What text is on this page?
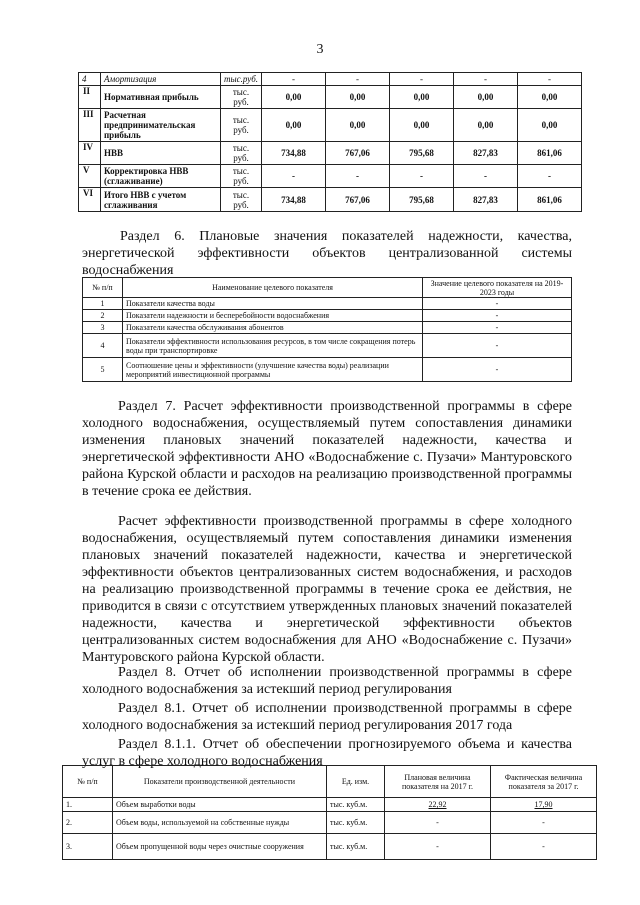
3
4	Амортизация	тыс.руб.	-	-	-	-	-
II	Нормативная прибыль	тыс. руб.	0,00	0,00	0,00	0,00	0,00
III	Расчетная предпринимательская прибыль	тыс. руб.	0,00	0,00	0,00	0,00	0,00
IV	НВВ	тыс. руб.	734,88	767,06	795,68	827,83	861,06
V	Корректировка НВВ (сглаживание)	тыс. руб.	-	-	-	-	-
VI	Итого НВВ с учетом сглаживания	тыс. руб.	734,88	767,06	795,68	827,83	861,06
Раздел 6. Плановые значения показателей надежности, качества, энергетической эффективности объектов централизованной системы водоснабжения
№ п/п	Наименование целевого показателя	Значение целевого показателя на 2019-2023 годы
1	Показатели качества воды	-
2	Показатели надежности и бесперебойности водоснабжения	-
3	Показатели качества обслуживания абонентов	-
4	Показатели эффективности использования ресурсов, в том числе сокращения потерь воды при транспортировке	-
5	Соотношение цены и эффективности (улучшение качества воды) реализации мероприятий инвестиционной программы	-
Раздел 7. Расчет эффективности производственной программы в сфере холодного водоснабжения, осуществляемый путем сопоставления динамики изменения плановых значений показателей надежности, качества и энергетической эффективности АНО «Водоснабжение с. Пузачи» Мантуровского района Курской области и расходов на реализацию производственной программы в течение срока ее действия.
Расчет эффективности производственной программы в сфере холодного водоснабжения, осуществляемый путем сопоставления динамики изменения плановых значений показателей надежности, качества и энергетической эффективности объектов централизованных систем водоснабжения, и расходов на реализацию производственной программы в течение срока ее действия, не приводится в связи с отсутствием утвержденных плановых значений показателей надежности, качества и энергетической эффективности объектов централизованных систем водоснабжения для АНО «Водоснабжение с. Пузачи» Мантуровского района Курской области.
Раздел 8. Отчет об исполнении производственной программы в сфере холодного водоснабжения за истекший период регулирования
Раздел 8.1. Отчет об исполнении производственной программы в сфере холодного водоснабжения за истекший период регулирования 2017 года
Раздел 8.1.1. Отчет об обеспечении прогнозируемого объема и качества услуг в сфере холодного водоснабжения
№ п/п	Показатели производственной деятельности	Ед. изм.	Плановая величина показателя на 2017 г.	Фактическая величина показателя за 2017 г.
1.	Объем выработки воды	тыс. куб.м.	22,92	17,90
2.	Объем воды, используемой на собственные нужды	тыс. куб.м.	-	-
3.	Объем пропущенной воды через очистные сооружения	тыс. куб.м.	-	-
